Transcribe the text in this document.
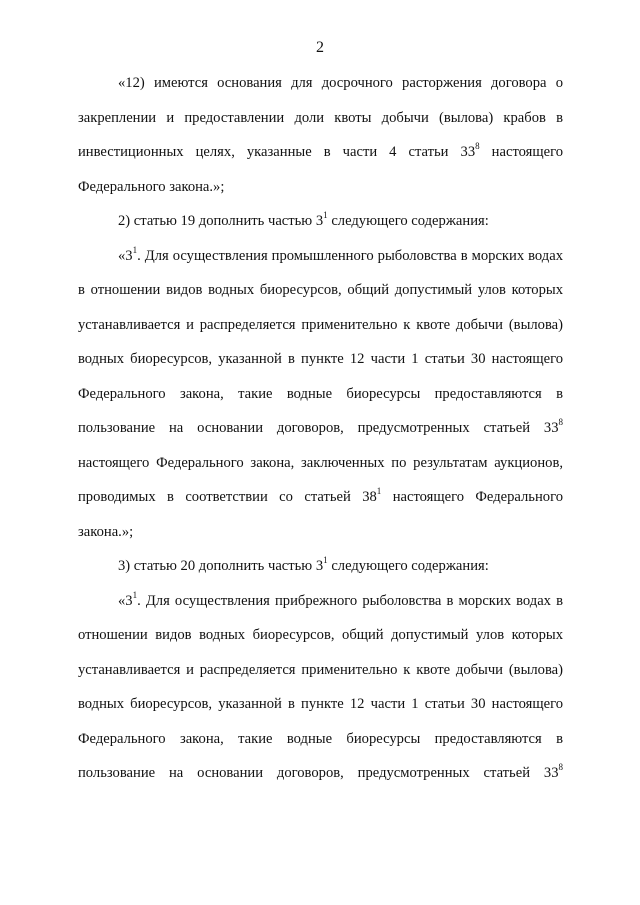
2

«12) имеются основания для досрочного расторжения договора о закреплении и предоставлении доли квоты добычи (вылова) крабов в инвестиционных целях, указанные в части 4 статьи $33^8$ настоящего Федерального закона.»;

2) статью 19 дополнить частью $3^1$ следующего содержания:

«$3^1$. Для осуществления промышленного рыболовства в морских водах в отношении видов водных биоресурсов, общий допустимый улов которых устанавливается и распределяется применительно к квоте добычи (вылова) водных биоресурсов, указанной в пункте 12 части 1 статьи 30 настоящего Федерального закона, такие водные биоресурсы предоставляются в пользование на основании договоров, предусмотренных статьей $33^8$ настоящего Федерального закона, заключенных по результатам аукционов, проводимых в соответствии со статьей $38^1$ настоящего Федерального закона.»;

3) статью 20 дополнить частью $3^1$ следующего содержания:

«$3^1$. Для осуществления прибрежного рыболовства в морских водах в отношении видов водных биоресурсов, общий допустимый улов которых устанавливается и распределяется применительно к квоте добычи (вылова) водных биоресурсов, указанной в пункте 12 части 1 статьи 30 настоящего Федерального закона, такие водные биоресурсы предоставляются в пользование на основании договоров, предусмотренных статьей $33^8$
